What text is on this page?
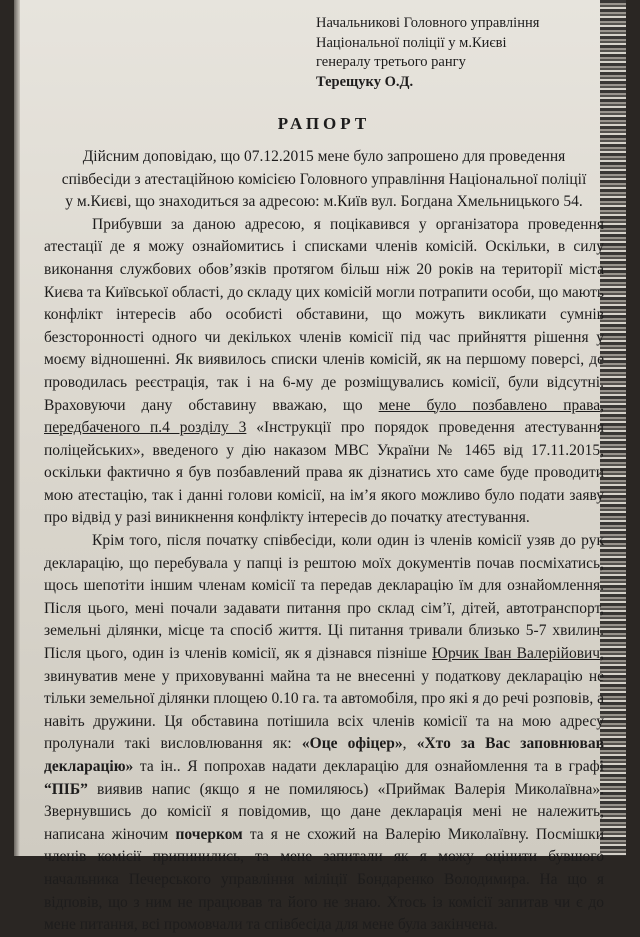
Начальникові Головного управління
Національної поліції у м.Києві
генералу третього рангу
Терещуку О.Д.
РАПОРТ
Дійсним доповідаю, що 07.12.2015 мене було запрошено для проведення
співбесіди з атестаційною комісією Головного управління Національної поліції
у м.Києві, що знаходиться за адресою: м.Київ вул. Богдана Хмельницького 54.

Прибувши за даною адресою, я поцікавився у організатора проведення атестації де я можу ознайомитись і списками членів комісій. Оскільки, в силу виконання службових обов’язків протягом більш ніж 20 років на території міста Києва та Київської області, до складу цих комісій могли потрапити особи, що мають конфлікт інтересів або особисті обставини, що можуть викликати сумнів безсторонності одного чи декількох членів комісії під час прийняття рішення у моєму відношенні. Як виявилось списки членів комісій, як на першому поверсі, де проводилась реєстрація, так і на 6-му де розміщувались комісії, були відсутні. Враховуючи дану обставину вважаю, що мене було позбавлено права, передбаченого п.4 розділу 3 «Інструкції про порядок проведення атестування поліцейських», введеного у дію наказом МВС України № 1465 від 17.11.2015, оскільки фактично я був позбавлений права як дізнатись хто саме буде проводити мою атестацію, так і данні голови комісії, на ім’я якого можливо було подати заяву про відвід у разі виникнення конфлікту інтересів до початку атестування.

Крім того, після початку співбесіди, коли один із членів комісії узяв до рук декларацію, що перебувала у папці із рештою моїх документів почав посміхатись, щось шепотіти іншим членам комісії та передав декларацію їм для ознайомлення. Після цього, мені почали задавати питання про склад сім’ї, дітей, автотранспорт, земельні ділянки, місце та спосіб життя. Ці питання тривали близько 5-7 хвилин. Після цього, один із членів комісії, як я дізнався пізніше Юрчик Іван Валерійович, звинуватив мене у приховуванні майна та не внесенні у податкову декларацію не тільки земельної ділянки площею 0.10 га. та автомобіля, про які я до речі розповів, а навіть дружини. Ця обставина потішила всіх членів комісії та на мою адресу пролунали такі висловлювання як: «Оце офіцер», «Хто за Вас заповнював декларацію» та ін.. Я попрохав надати декларацію для ознайомлення та в графі “ПІБ” виявив напис (якщо я не помиляюсь) «Приймак Валерія Миколаївна». Звернувшись до комісії я повідомив, що дане декларація мені не належить, написана жіночим почерком та я не схожий на Валерію Миколаївну. Посмішки членів комісії припинились, та мене запитали як я можу оцінити бувшого начальника Печерського управління міліції Бондаренко Володимира. На що я відповів, що з ним не працював та його не знаю. Хтось із комісії запитав чи є до мене питання, всі промовчали та співбесіда для мене була закінчена.
